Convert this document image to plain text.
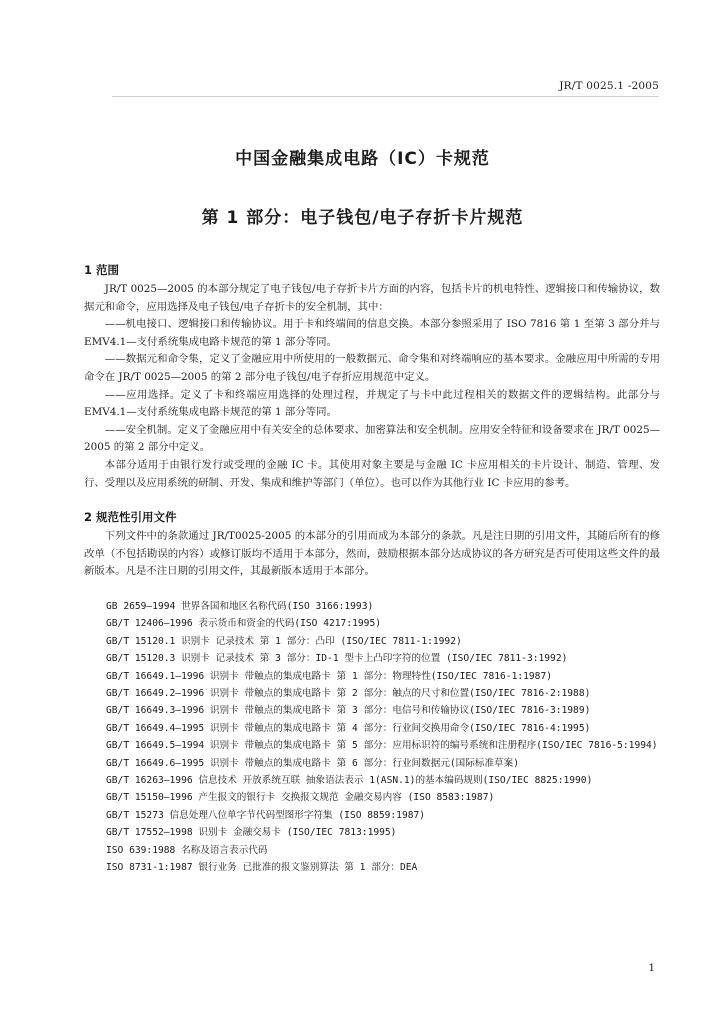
JR/T 0025.1 -2005
中国金融集成电路（IC）卡规范
第 1 部分：电子钱包/电子存折卡片规范
1 范围

JR/T 0025—2005 的本部分规定了电子钱包/电子存折卡片方面的内容，包括卡片的机电特性、逻辑接口和传输协议，数据元和命令，应用选择及电子钱包/电子存折卡的安全机制，其中：

——机电接口、逻辑接口和传输协议。用于卡和终端间的信息交换。本部分参照采用了 ISO 7816 第 1 至第 3 部分并与 EMV4.1—支付系统集成电路卡规范的第 1 部分等同。

——数据元和命令集，定义了金融应用中所使用的一般数据元、命令集和对终端响应的基本要求。金融应用中所需的专用命令在 JR/T 0025—2005 的第 2 部分电子钱包/电子存折应用规范中定义。

——应用选择。定义了卡和终端应用选择的处理过程，并规定了与卡中此过程相关的数据文件的逻辑结构。此部分与 EMV4.1—支付系统集成电路卡规范的第 1 部分等同。

——安全机制。定义了金融应用中有关安全的总体要求、加密算法和安全机制。应用安全特征和设备要求在 JR/T 0025—2005 的第 2 部分中定义。

本部分适用于由银行发行或受理的金融 IC 卡。其使用对象主要是与金融 IC 卡应用相关的卡片设计、制造、管理、发行、受理以及应用系统的研制、开发、集成和维护等部门（单位）。也可以作为其他行业 IC 卡应用的参考。

2 规范性引用文件

下列文件中的条款通过 JR/T0025-2005 的本部分的引用而成为本部分的条款。凡是注日期的引用文件，其随后所有的修改单（不包括勘误的内容）或修订版均不适用于本部分，然而，鼓励根据本部分达成协议的各方研究是否可使用这些文件的最新版本。凡是不注日期的引用文件，其最新版本适用于本部分。

GB 2659—1994 世界各国和地区名称代码(ISO 3166:1993)
GB/T 12406—1996 表示货币和资金的代码(ISO 4217:1995)
GB/T 15120.1 识别卡 记录技术 第 1 部分：凸印 (ISO/IEC 7811-1:1992)
GB/T 15120.3 识别卡 记录技术 第 3 部分：ID-1 型卡上凸印字符的位置 (ISO/IEC 7811-3:1992)
GB/T 16649.1—1996 识别卡 带触点的集成电路卡 第 1 部分：物理特性(ISO/IEC 7816-1:1987)
GB/T 16649.2—1996 识别卡 带触点的集成电路卡 第 2 部分：触点的尺寸和位置(ISO/IEC 7816-2:1988)
GB/T 16649.3—1996 识别卡 带触点的集成电路卡 第 3 部分：电信号和传输协议(ISO/IEC 7816-3:1989)
GB/T 16649.4—1995 识别卡 带触点的集成电路卡 第 4 部分：行业间交换用命令(ISO/IEC 7816-4:1995)
GB/T 16649.5—1994 识别卡 带触点的集成电路卡 第 5 部分：应用标识符的编号系统和注册程序(ISO/IEC 7816-5:1994)
GB/T 16649.6—1995 识别卡 带触点的集成电路卡 第 6 部分：行业间数据元(国际标准草案)
GB/T 16263—1996 信息技术 开放系统互联 抽象语法表示 1(ASN.1)的基本编码规则(ISO/IEC 8825:1990)
GB/T 15150—1996 产生报文的银行卡 交换报文规范 金融交易内容 (ISO 8583:1987)
GB/T 15273 信息处理八位单字节代码型图形字符集 (ISO 8859:1987)
GB/T 17552—1998 识别卡 金融交易卡 (ISO/IEC 7813:1995)
ISO 639:1988 名称及语言表示代码
ISO 8731-1:1987 银行业务 已批准的报文鉴别算法 第 1 部分：DEA
1
